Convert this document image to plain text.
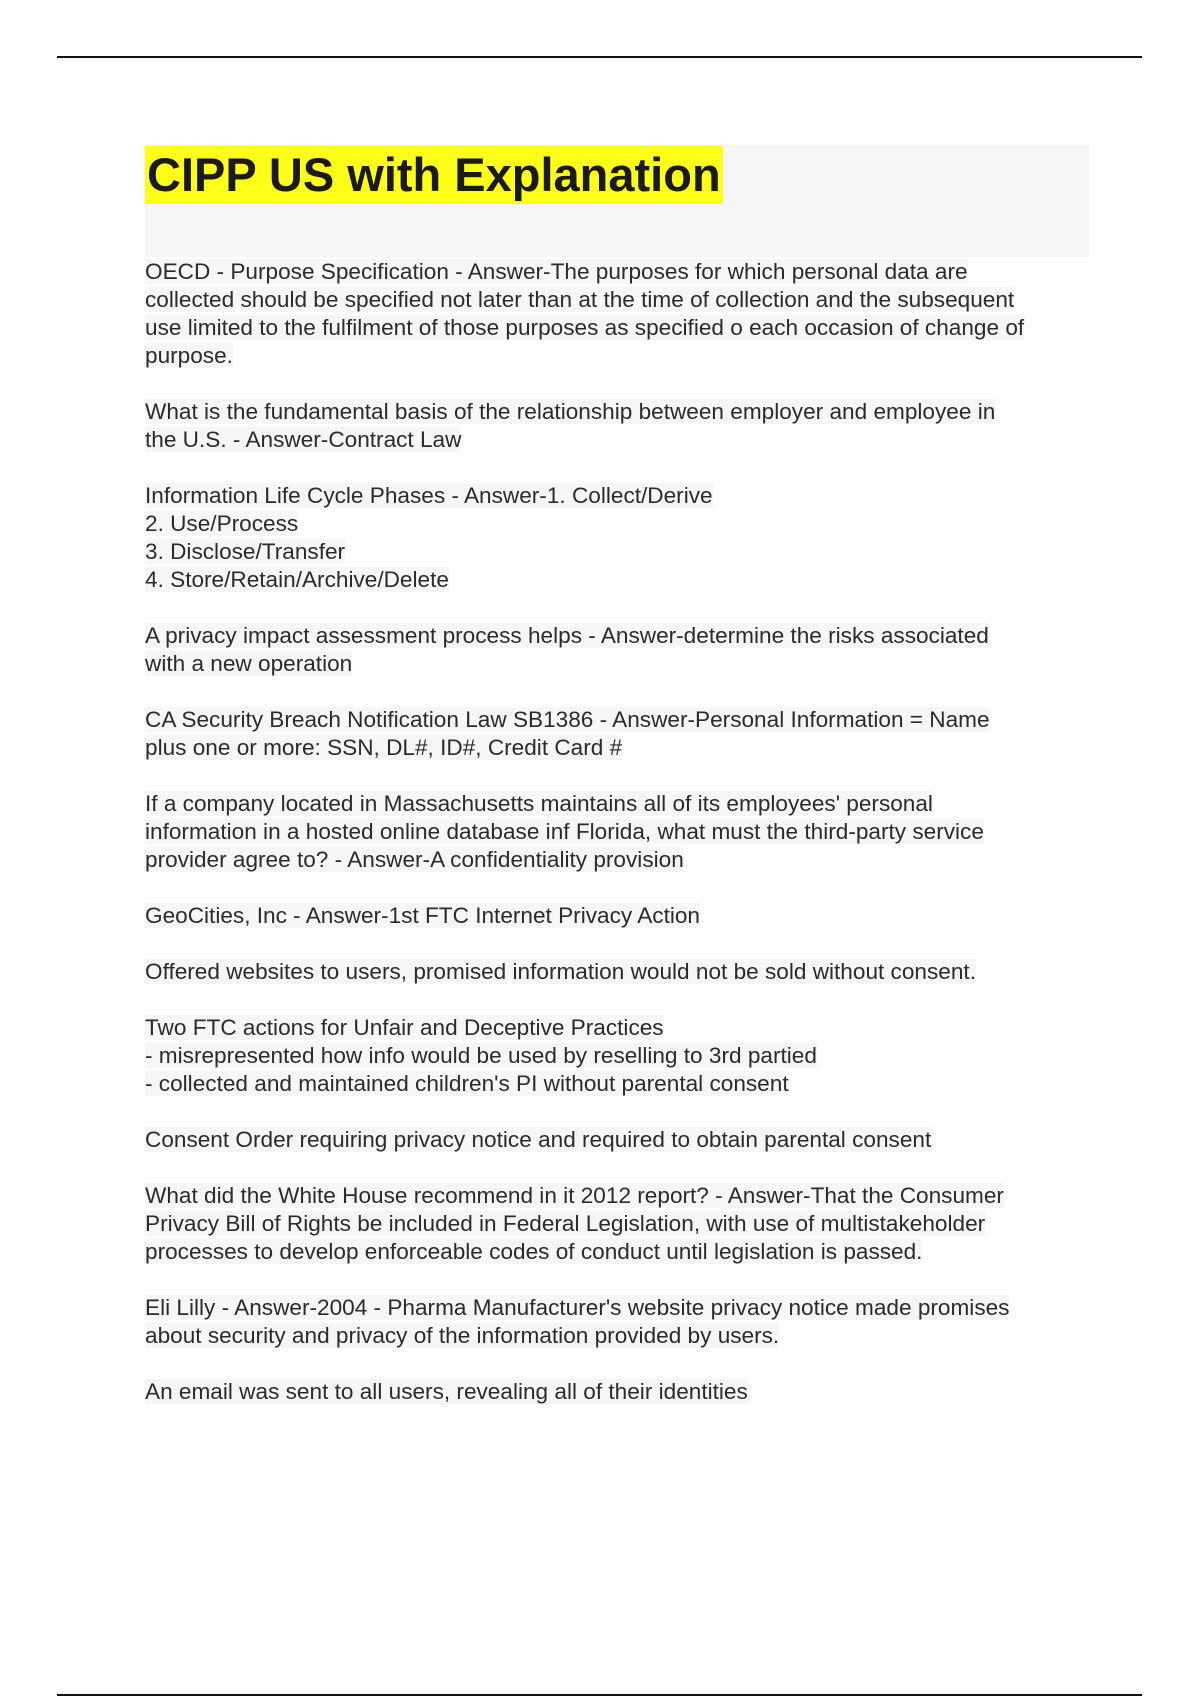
CIPP US with Explanation
OECD - Purpose Specification - Answer-The purposes for which personal data are
collected should be specified not later than at the time of collection and the subsequent
use limited to the fulfilment of those purposes as specified o each occasion of change of
purpose.
What is the fundamental basis of the relationship between employer and employee in
the U.S. - Answer-Contract Law
Information Life Cycle Phases - Answer-1. Collect/Derive
2. Use/Process
3. Disclose/Transfer
4. Store/Retain/Archive/Delete
A privacy impact assessment process helps - Answer-determine the risks associated
with a new operation
CA Security Breach Notification Law SB1386 - Answer-Personal Information = Name
plus one or more: SSN, DL#, ID#, Credit Card #
If a company located in Massachusetts maintains all of its employees' personal
information in a hosted online database inf Florida, what must the third-party service
provider agree to? - Answer-A confidentiality provision
GeoCities, Inc - Answer-1st FTC Internet Privacy Action
Offered websites to users, promised information would not be sold without consent.
Two FTC actions for Unfair and Deceptive Practices
- misrepresented how info would be used by reselling to 3rd partied
- collected and maintained children's PI without parental consent
Consent Order requiring privacy notice and required to obtain parental consent
What did the White House recommend in it 2012 report? - Answer-That the Consumer
Privacy Bill of Rights be included in Federal Legislation, with use of multistakeholder
processes to develop enforceable codes of conduct until legislation is passed.
Eli Lilly - Answer-2004 - Pharma Manufacturer's website privacy notice made promises
about security and privacy of the information provided by users.
An email was sent to all users, revealing all of their identities
